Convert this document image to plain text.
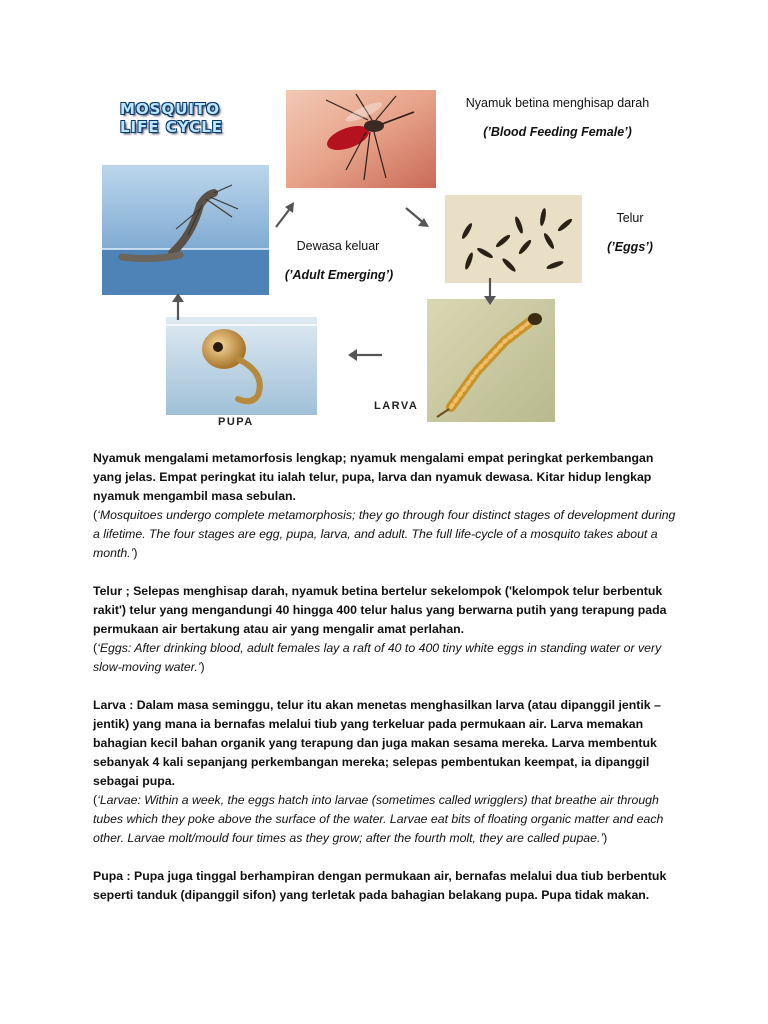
MOSQUITO
LIFE CYCLE
Nyamuk betina menghisap darah
(’Blood Feeding Female’)
Telur
(’Eggs’)
Dewasa keluar
(’Adult Emerging’)
LARVA
PUPA

Nyamuk mengalami metamorfosis lengkap; nyamuk mengalami empat peringkat perkembangan yang jelas. Empat peringkat itu ialah telur, pupa, larva dan nyamuk dewasa. Kitar hidup lengkap nyamuk mengambil masa sebulan.
(‘Mosquitoes undergo complete metamorphosis; they go through four distinct stages of development during a lifetime. The four stages are egg, pupa, larva, and adult. The full life-cycle of a mosquito takes about a month.’)

Telur ; Selepas menghisap darah, nyamuk betina bertelur sekelompok ('kelompok telur berbentuk rakit') telur yang mengandungi 40 hingga 400 telur halus yang berwarna putih yang terapung pada permukaan air bertakung atau air yang mengalir amat perlahan.
(‘Eggs: After drinking blood, adult females lay a raft of 40 to 400 tiny white eggs in standing water or very slow-moving water.’)

Larva : Dalam masa seminggu, telur itu akan menetas menghasilkan larva (atau dipanggil jentik – jentik) yang mana ia bernafas melalui tiub yang terkeluar pada permukaan air. Larva memakan bahagian kecil bahan organik yang terapung dan juga makan sesama mereka. Larva membentuk sebanyak 4 kali sepanjang perkembangan mereka; selepas pembentukan keempat, ia dipanggil sebagai pupa.
(‘Larvae: Within a week, the eggs hatch into larvae (sometimes called wrigglers) that breathe air through tubes which they poke above the surface of the water. Larvae eat bits of floating organic matter and each other. Larvae molt/mould four times as they grow; after the fourth molt, they are called pupae.’)

Pupa : Pupa juga tinggal berhampiran dengan permukaan air, bernafas melalui dua tiub berbentuk seperti tanduk (dipanggil sifon) yang terletak pada bahagian belakang pupa. Pupa tidak makan.
